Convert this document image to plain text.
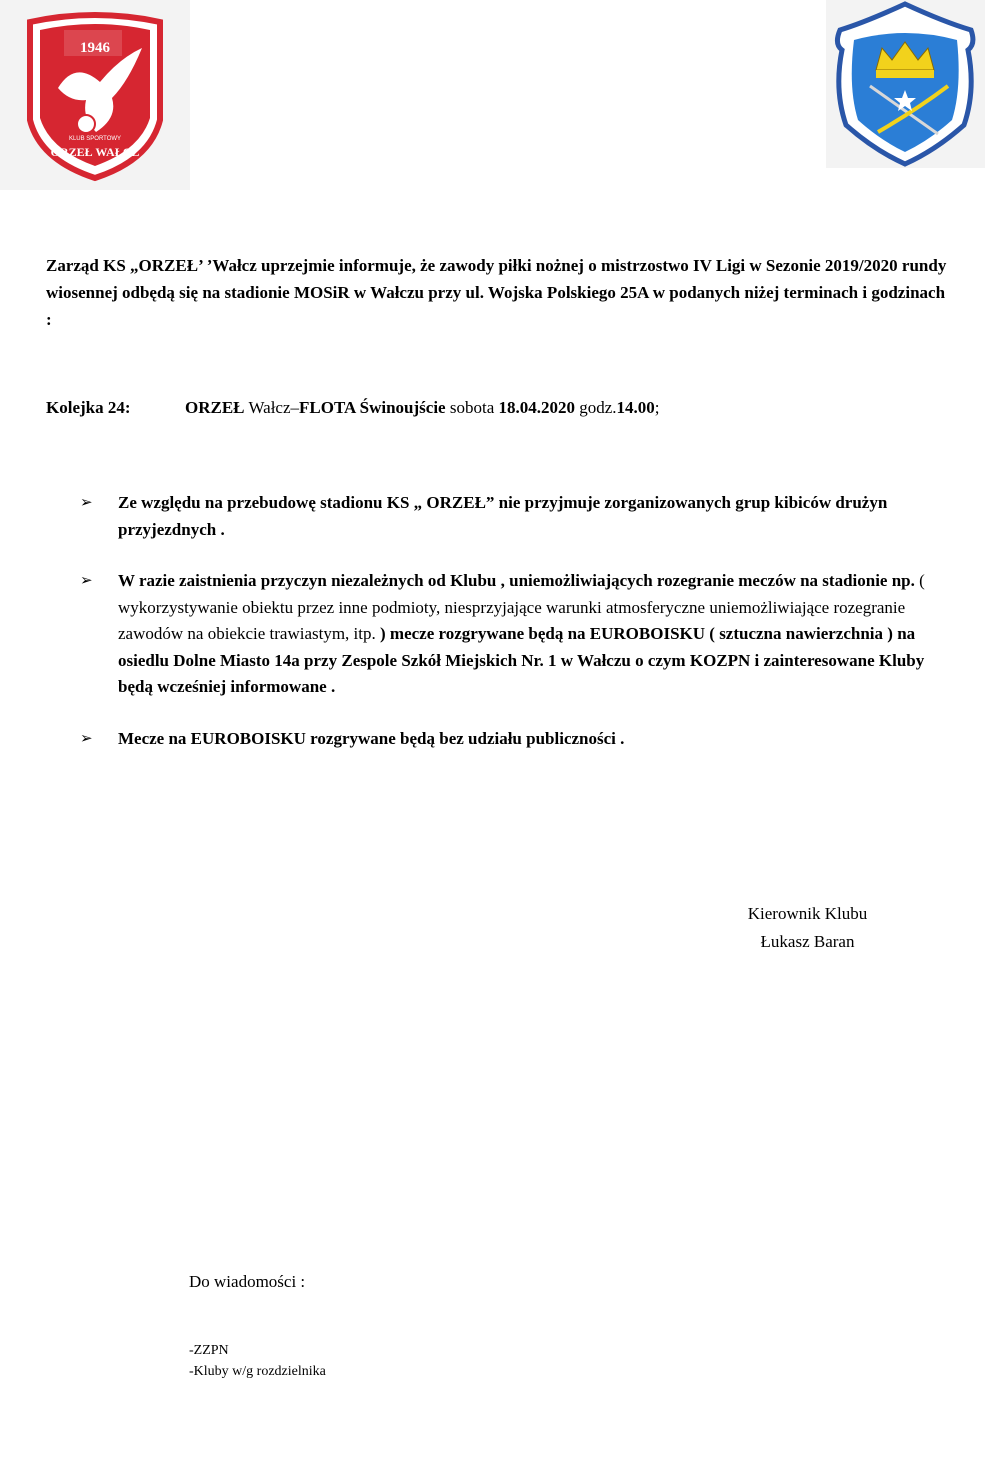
1946
KLUB SPORTOWY
ORZEŁ WAŁCZ
Zarząd KS „ORZEŁ’ ’Wałcz uprzejmie informuje, że zawody piłki nożnej o mistrzostwo IV Ligi w Sezonie 2019/2020 rundy wiosennej odbędą się na stadionie MOSiR w Wałczu przy ul. Wojska Polskiego 25A w podanych niżej terminach i godzinach :
Kolejka 24:	ORZEŁ Wałcz–FLOTA Świnoujście sobota 18.04.2020 godz.14.00;
➢	Ze względu na przebudowę stadionu KS „ ORZEŁ” nie przyjmuje zorganizowanych grup kibiców drużyn przyjezdnych .
➢	W razie zaistnienia przyczyn niezależnych od Klubu , uniemożliwiających rozegranie meczów na stadionie np. ( wykorzystywanie obiektu przez inne podmioty, niesprzyjające warunki atmosferyczne uniemożliwiające rozegranie zawodów na obiekcie trawiastym, itp. ) mecze rozgrywane będą na EUROBOISKU ( sztuczna nawierzchnia ) na osiedlu Dolne Miasto 14a przy Zespole Szkół Miejskich Nr. 1 w Wałczu o czym KOZPN i zainteresowane Kluby będą wcześniej informowane .
➢	Mecze na EUROBOISKU rozgrywane będą bez udziału publiczności .
Kierownik Klubu
Łukasz Baran
Do wiadomości :
-ZZPN
-Kluby w/g rozdzielnika
